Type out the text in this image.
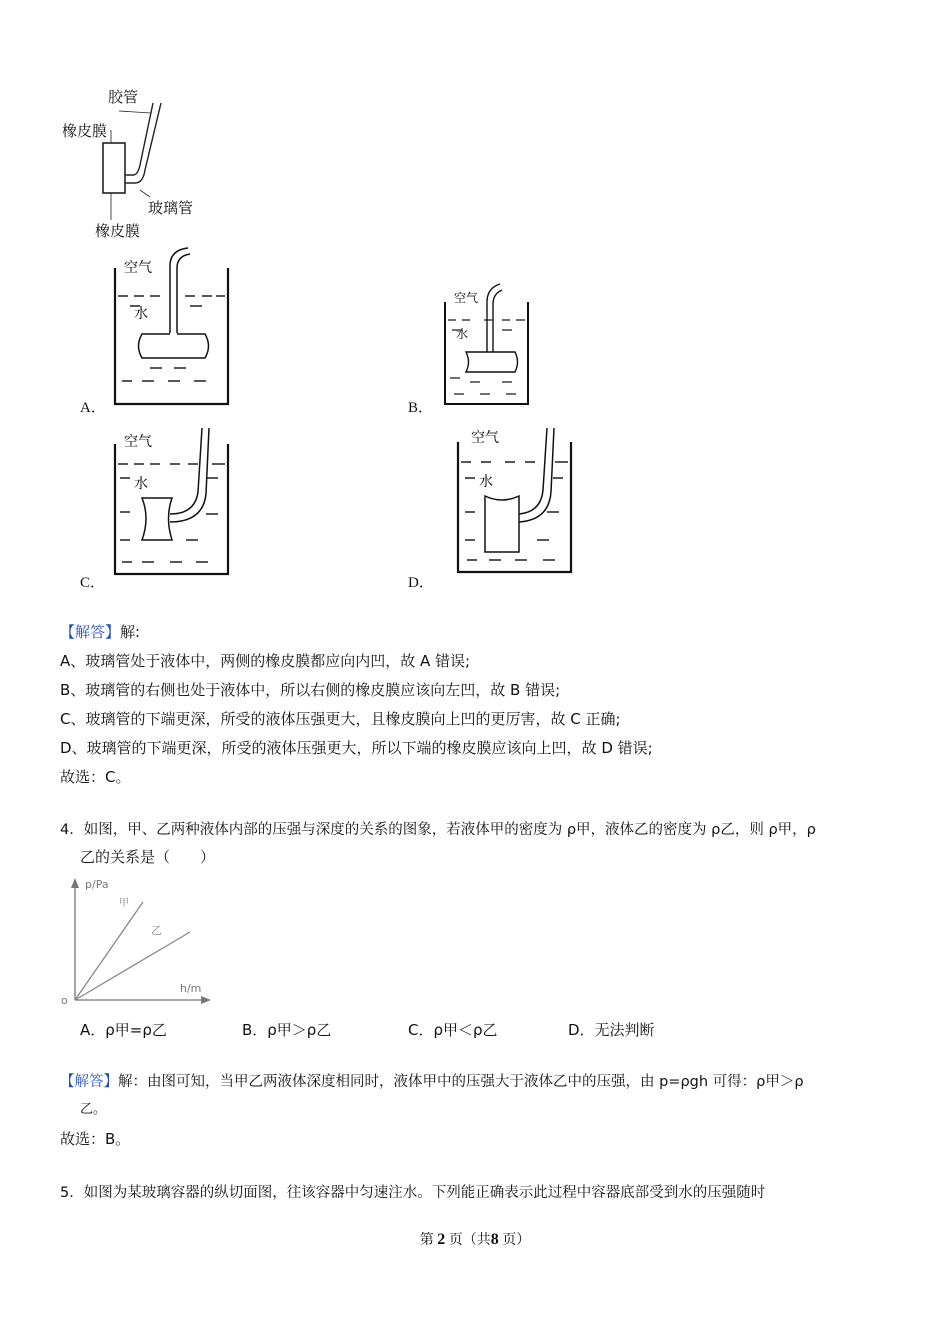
胶管
橡皮膜
玻璃管
橡皮膜
A．
空气
水
B．
空气
水
C．
空气
水
D．
空气
水
【解答】解:
A、玻璃管处于液体中，两侧的橡皮膜都应向内凹，故 A 错误;
B、玻璃管的右侧也处于液体中，所以右侧的橡皮膜应该向左凹，故 B 错误;
C、玻璃管的下端更深，所受的液体压强更大，且橡皮膜向上凹的更厉害，故 C 正确;
D、玻璃管的下端更深，所受的液体压强更大，所以下端的橡皮膜应该向上凹，故 D 错误;
故选：C。
4．如图，甲、乙两种液体内部的压强与深度的关系的图象，若液体甲的密度为 ρ甲，液体乙的密度为 ρ乙，则 ρ甲，ρ
乙的关系是（　　）
p/Pa
h/m
o
甲
乙
A．ρ甲=ρ乙	B．ρ甲＞ρ乙	C．ρ甲＜ρ乙	D．无法判断
【解答】解：由图可知，当甲乙两液体深度相同时，液体甲中的压强大于液体乙中的压强，由 p=ρgh 可得：ρ甲＞ρ
乙。
故选：B。
5．如图为某玻璃容器的纵切面图，往该容器中匀速注水。下列能正确表示此过程中容器底部受到水的压强随时
第 2 页（共8 页）
